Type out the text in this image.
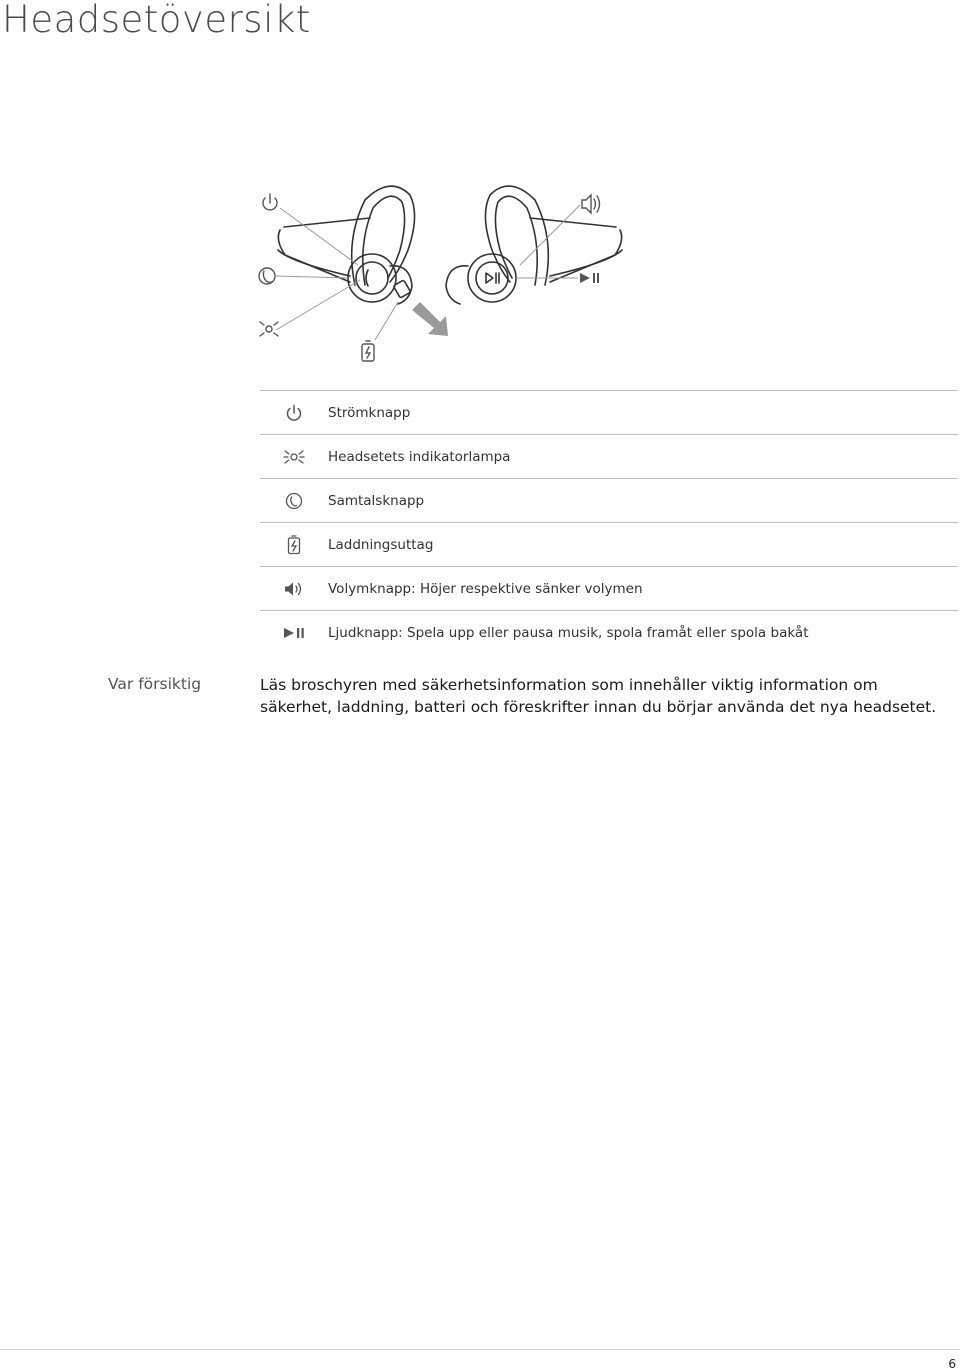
Headsetöversikt
Strömknapp
Headsetets indikatorlampa
Samtalsknapp
Laddningsuttag
Volymknapp: Höjer respektive sänker volymen
Ljudknapp: Spela upp eller pausa musik, spola framåt eller spola bakåt
Var försiktig	Läs broschyren med säkerhetsinformation som innehåller viktig information om säkerhet, laddning, batteri och föreskrifter innan du börjar använda det nya headsetet.
6
